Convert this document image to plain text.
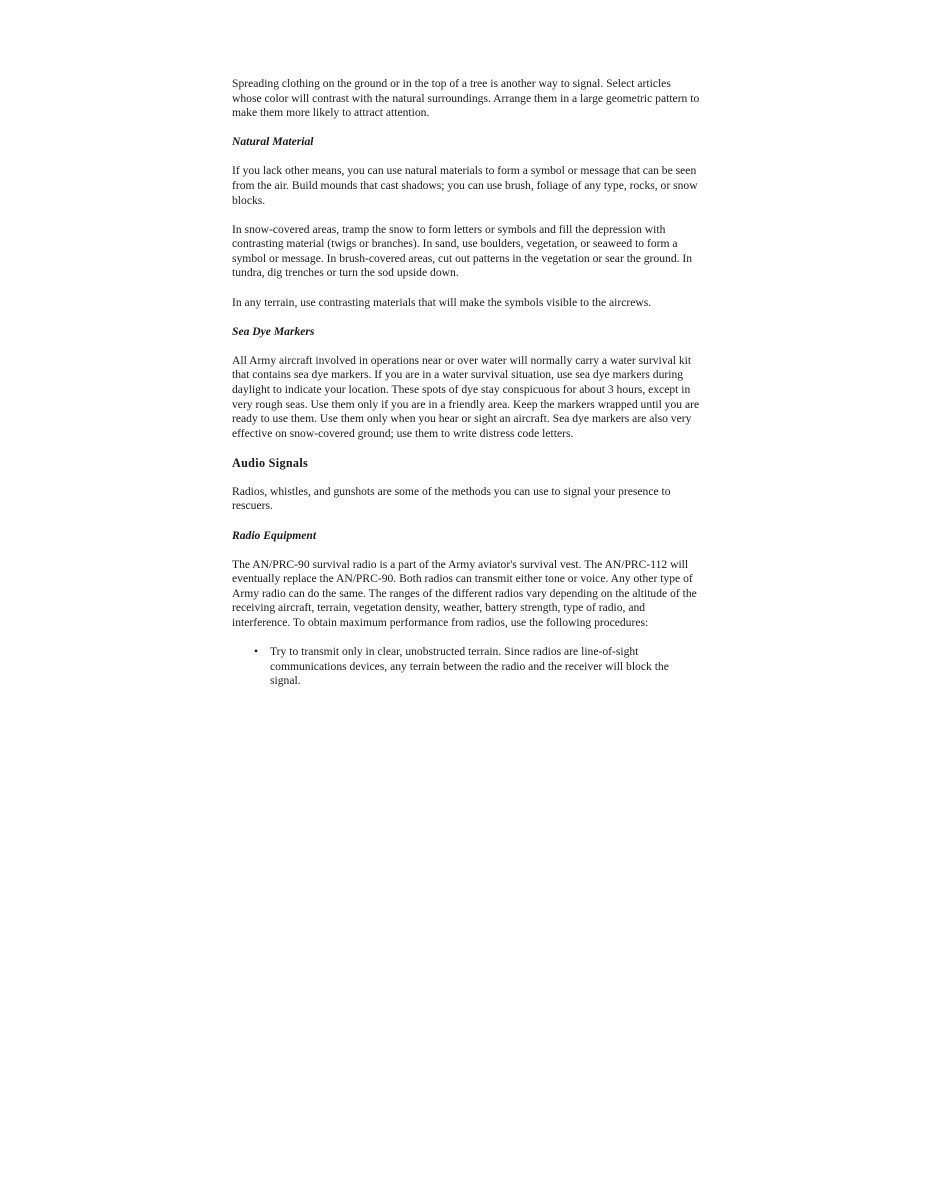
Spreading clothing on the ground or in the top of a tree is another way to signal. Select articles whose color will contrast with the natural surroundings. Arrange them in a large geometric pattern to make them more likely to attract attention.

Natural Material

If you lack other means, you can use natural materials to form a symbol or message that can be seen from the air. Build mounds that cast shadows; you can use brush, foliage of any type, rocks, or snow blocks.

In snow-covered areas, tramp the snow to form letters or symbols and fill the depression with contrasting material (twigs or branches). In sand, use boulders, vegetation, or seaweed to form a symbol or message. In brush-covered areas, cut out patterns in the vegetation or sear the ground. In tundra, dig trenches or turn the sod upside down.

In any terrain, use contrasting materials that will make the symbols visible to the aircrews.

Sea Dye Markers

All Army aircraft involved in operations near or over water will normally carry a water survival kit that contains sea dye markers. If you are in a water survival situation, use sea dye markers during daylight to indicate your location. These spots of dye stay conspicuous for about 3 hours, except in very rough seas. Use them only if you are in a friendly area. Keep the markers wrapped until you are ready to use them. Use them only when you hear or sight an aircraft. Sea dye markers are also very effective on snow-covered ground; use them to write distress code letters.

Audio Signals

Radios, whistles, and gunshots are some of the methods you can use to signal your presence to rescuers.

Radio Equipment

The AN/PRC-90 survival radio is a part of the Army aviator's survival vest. The AN/PRC-112 will eventually replace the AN/PRC-90. Both radios can transmit either tone or voice. Any other type of Army radio can do the same. The ranges of the different radios vary depending on the altitude of the receiving aircraft, terrain, vegetation density, weather, battery strength, type of radio, and interference. To obtain maximum performance from radios, use the following procedures:

• Try to transmit only in clear, unobstructed terrain. Since radios are line-of-sight communications devices, any terrain between the radio and the receiver will block the signal.
